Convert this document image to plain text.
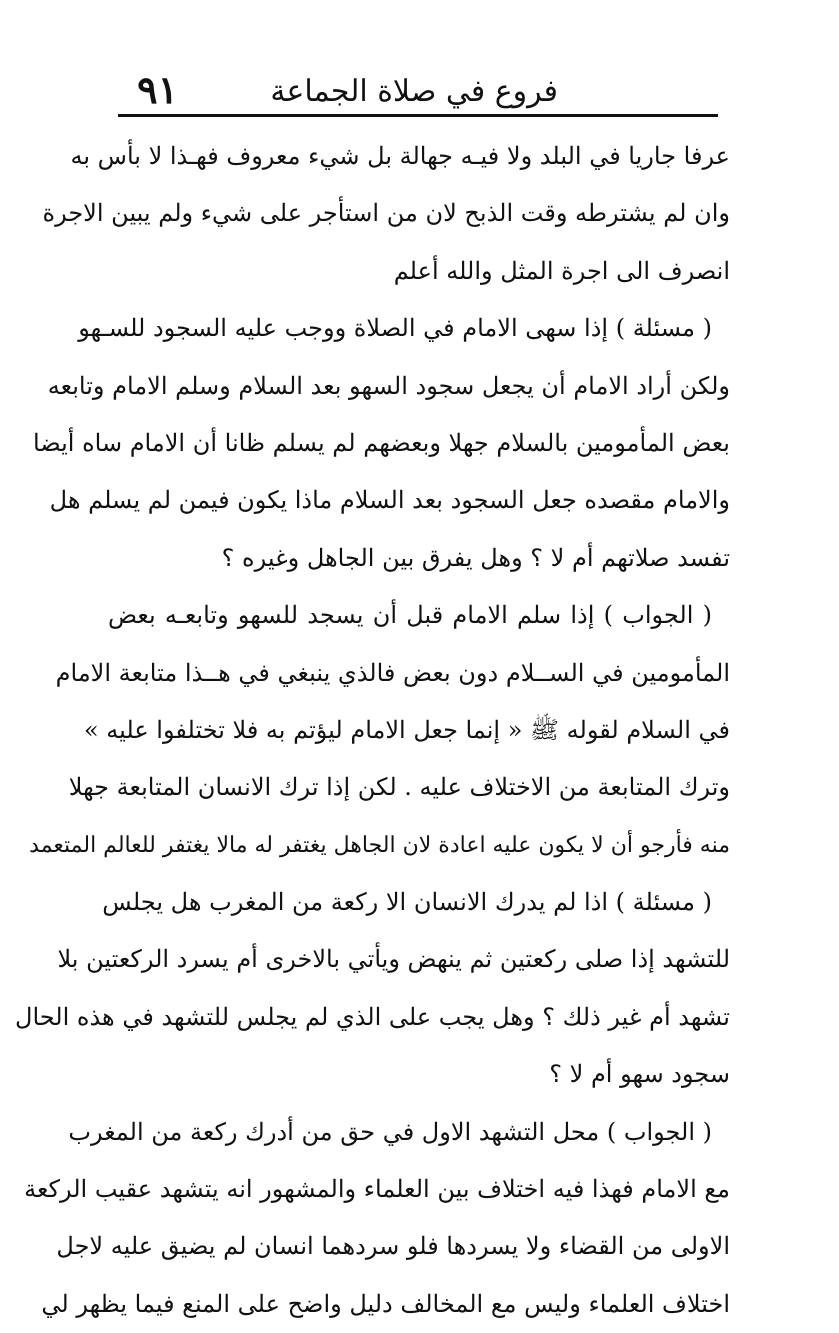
٩١	فروع في صلاة الجماعة
عرفا جاريا في البلد ولا فيـه جهالة بل شيء معروف فهـذا لا بأس به
وان لم يشترطه وقت الذبح لان من استأجر على شيء ولم يبين الاجرة
انصرف الى اجرة المثل والله أعلم
( مسئلة ) إذا سهى الامام في الصلاة ووجب عليه السجود للسـهو
ولكن أراد الامام أن يجعل سجود السهو بعد السلام وسلم الامام وتابعه
بعض المأمومين بالسلام جهلا وبعضهم لم يسلم ظانا أن الامام ساه أيضا
والامام مقصده جعل السجود بعد السلام ماذا يكون فيمن لم يسلم هل
تفسد صلاتهم أم لا ؟ وهل يفرق بين الجاهل وغيره ؟
( الجواب ) إذا سلم الامام قبل أن يسجد للسهو وتابعـه بعض
المأمومين في الســلام دون بعض فالذي ينبغي في هــذا متابعة الامام
في السلام لقوله ﷺ « إنما جعل الامام ليؤتم به فلا تختلفوا عليه »
وترك المتابعة من الاختلاف عليه . لكن إذا ترك الانسان المتابعة جهلا
منه فأرجو أن لا يكون عليه اعادة لان الجاهل يغتفر له مالا يغتفر للعالم المتعمد
( مسئلة ) اذا لم يدرك الانسان الا ركعة من المغرب هل يجلس
للتشهد إذا صلى ركعتين ثم ينهض ويأتي بالاخرى أم يسرد الركعتين بلا
تشهد أم غير ذلك ؟ وهل يجب على الذي لم يجلس للتشهد في هذه الحال
سجود سهو أم لا ؟
( الجواب ) محل التشهد الاول في حق من أدرك ركعة من المغرب
مع الامام فهذا فيه اختلاف بين العلماء والمشهور انه يتشهد عقيب الركعة
الاولى من القضاء ولا يسردها فلو سردهما انسان لم يضيق عليه لاجل
اختلاف العلماء وليس مع المخالف دليل واضح على المنع فيما يظهر لي
